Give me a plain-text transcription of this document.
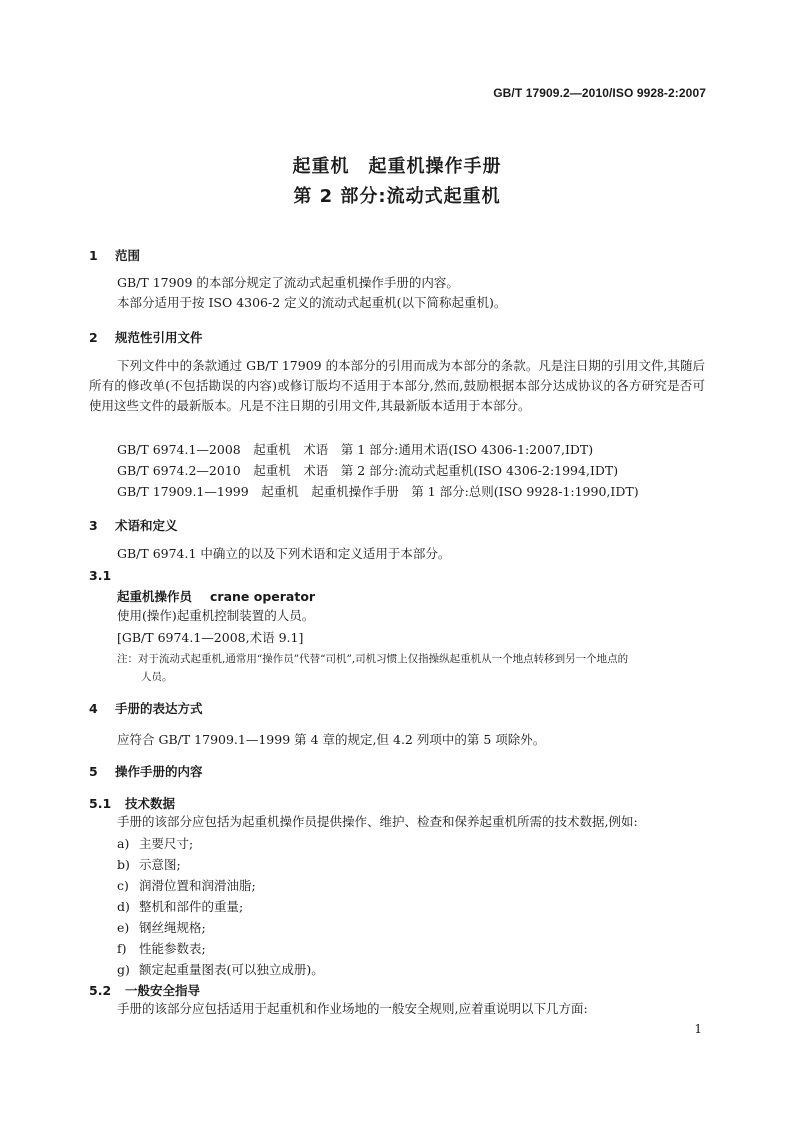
GB/T 17909.2—2010/ISO 9928-2:2007
起重机　起重机操作手册
第 2 部分:流动式起重机
1 范围
GB/T 17909 的本部分规定了流动式起重机操作手册的内容。
本部分适用于按 ISO 4306-2 定义的流动式起重机(以下简称起重机)。
2 规范性引用文件
下列文件中的条款通过 GB/T 17909 的本部分的引用而成为本部分的条款。凡是注日期的引用文件,其随后所有的修改单(不包括勘误的内容)或修订版均不适用于本部分,然而,鼓励根据本部分达成协议的各方研究是否可使用这些文件的最新版本。凡是不注日期的引用文件,其最新版本适用于本部分。
GB/T 6974.1—2008　起重机　术语　第 1 部分:通用术语(ISO 4306-1:2007,IDT)
GB/T 6974.2—2010　起重机　术语　第 2 部分:流动式起重机(ISO 4306-2:1994,IDT)
GB/T 17909.1—1999　起重机　起重机操作手册　第 1 部分:总则(ISO 9928-1:1990,IDT)
3 术语和定义
GB/T 6974.1 中确立的以及下列术语和定义适用于本部分。
3.1
起重机操作员 crane operator
使用(操作)起重机控制装置的人员。
[GB/T 6974.1—2008,术语 9.1]
注：对于流动式起重机,通常用“操作员”代替“司机”,司机习惯上仅指操纵起重机从一个地点转移到另一个地点的
人员。
4 手册的表达方式
应符合 GB/T 17909.1—1999 第 4 章的规定,但 4.2 列项中的第 5 项除外。
5 操作手册的内容
5.1 技术数据
手册的该部分应包括为起重机操作员提供操作、维护、检查和保养起重机所需的技术数据,例如:
a) 主要尺寸;
b) 示意图;
c) 润滑位置和润滑油脂;
d) 整机和部件的重量;
e) 钢丝绳规格;
f) 性能参数表;
g) 额定起重量图表(可以独立成册)。
5.2 一般安全指导
手册的该部分应包括适用于起重机和作业场地的一般安全规则,应着重说明以下几方面:
1
